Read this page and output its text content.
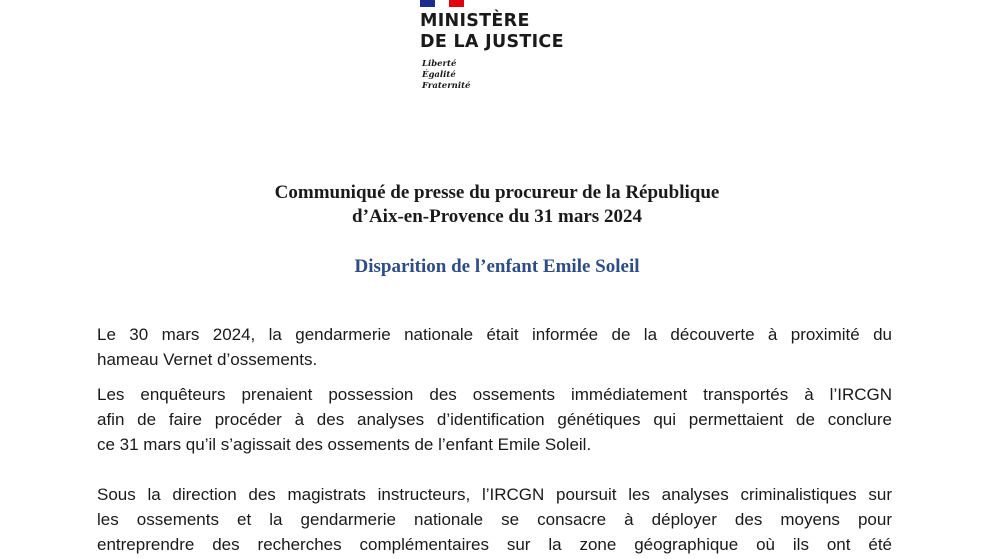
MINISTÈRE
DE LA JUSTICE
Liberté
Égalité
Fraternité
Communiqué de presse du procureur de la République
d’Aix-en-Provence du 31 mars 2024
Disparition de l’enfant Emile Soleil
Le 30 mars 2024, la gendarmerie nationale était informée de la découverte à proximité du
hameau Vernet d’ossements.
Les enquêteurs prenaient possession des ossements immédiatement transportés à l’IRCGN
afin de faire procéder à des analyses d’identification génétiques qui permettaient de conclure
ce 31 mars qu’il s’agissait des ossements de l’enfant Emile Soleil.
Sous la direction des magistrats instructeurs, l’IRCGN poursuit les analyses criminalistiques sur
les ossements et la gendarmerie nationale se consacre à déployer des moyens pour
entreprendre des recherches complémentaires sur la zone géographique où ils ont été
